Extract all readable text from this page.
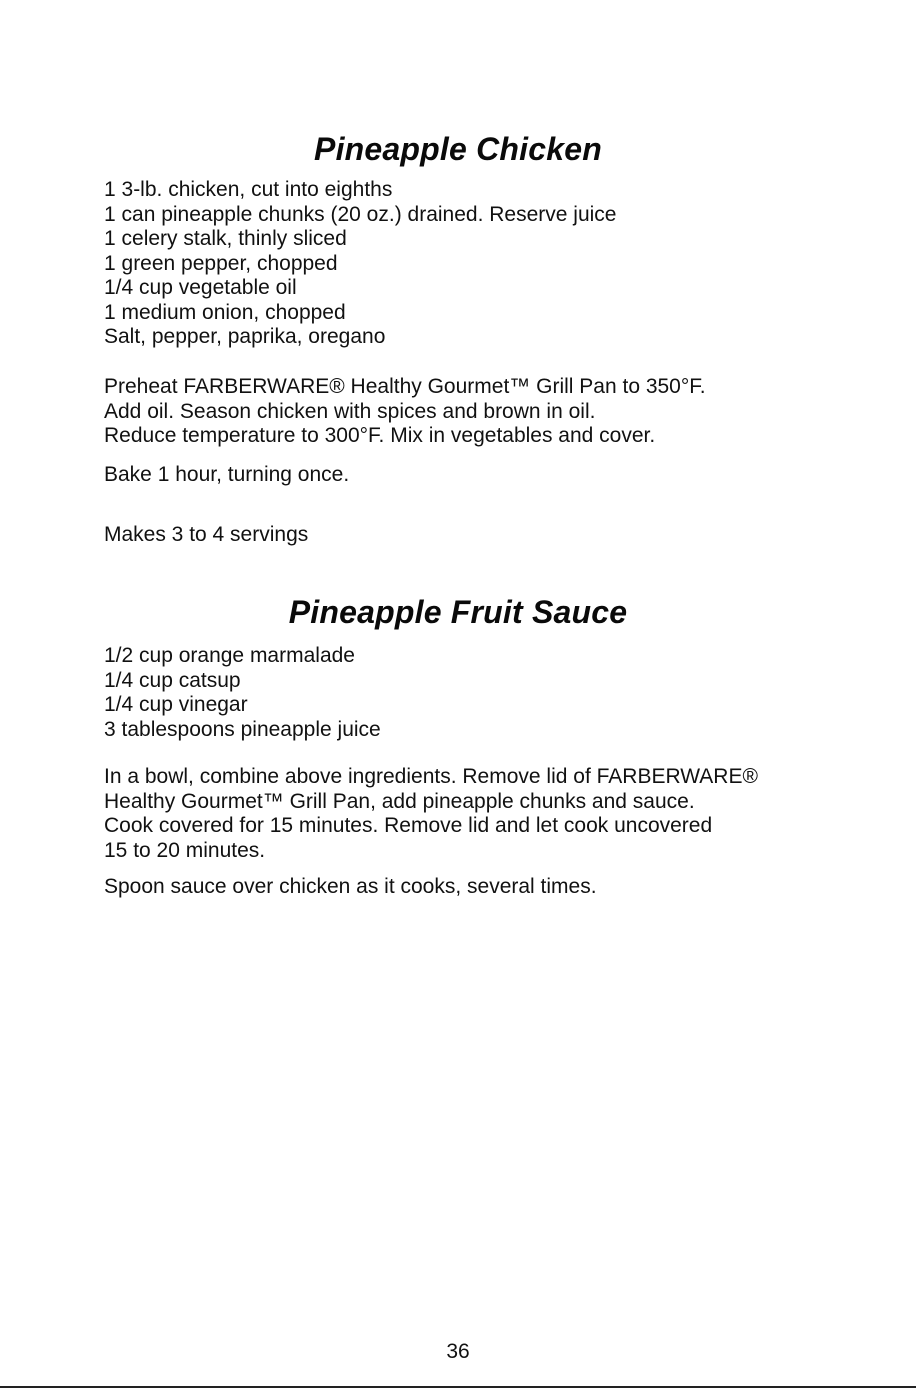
Pineapple Chicken
1 3-lb. chicken, cut into eighths
1 can pineapple chunks (20 oz.) drained. Reserve juice
1 celery stalk, thinly sliced
1 green pepper, chopped
1/4 cup vegetable oil
1 medium onion, chopped
Salt, pepper, paprika, oregano
Preheat FARBERWARE® Healthy Gourmet™ Grill Pan to 350°F.
Add oil. Season chicken with spices and brown in oil.
Reduce temperature to 300°F. Mix in vegetables and cover.

Bake 1 hour, turning once.

Makes 3 to 4 servings

Pineapple Fruit Sauce
1/2 cup orange marmalade
1/4 cup catsup
1/4 cup vinegar
3 tablespoons pineapple juice
In a bowl, combine above ingredients. Remove lid of FARBERWARE®
Healthy Gourmet™ Grill Pan, add pineapple chunks and sauce.
Cook covered for 15 minutes. Remove lid and let cook uncovered
15 to 20 minutes.

Spoon sauce over chicken as it cooks, several times.

36
